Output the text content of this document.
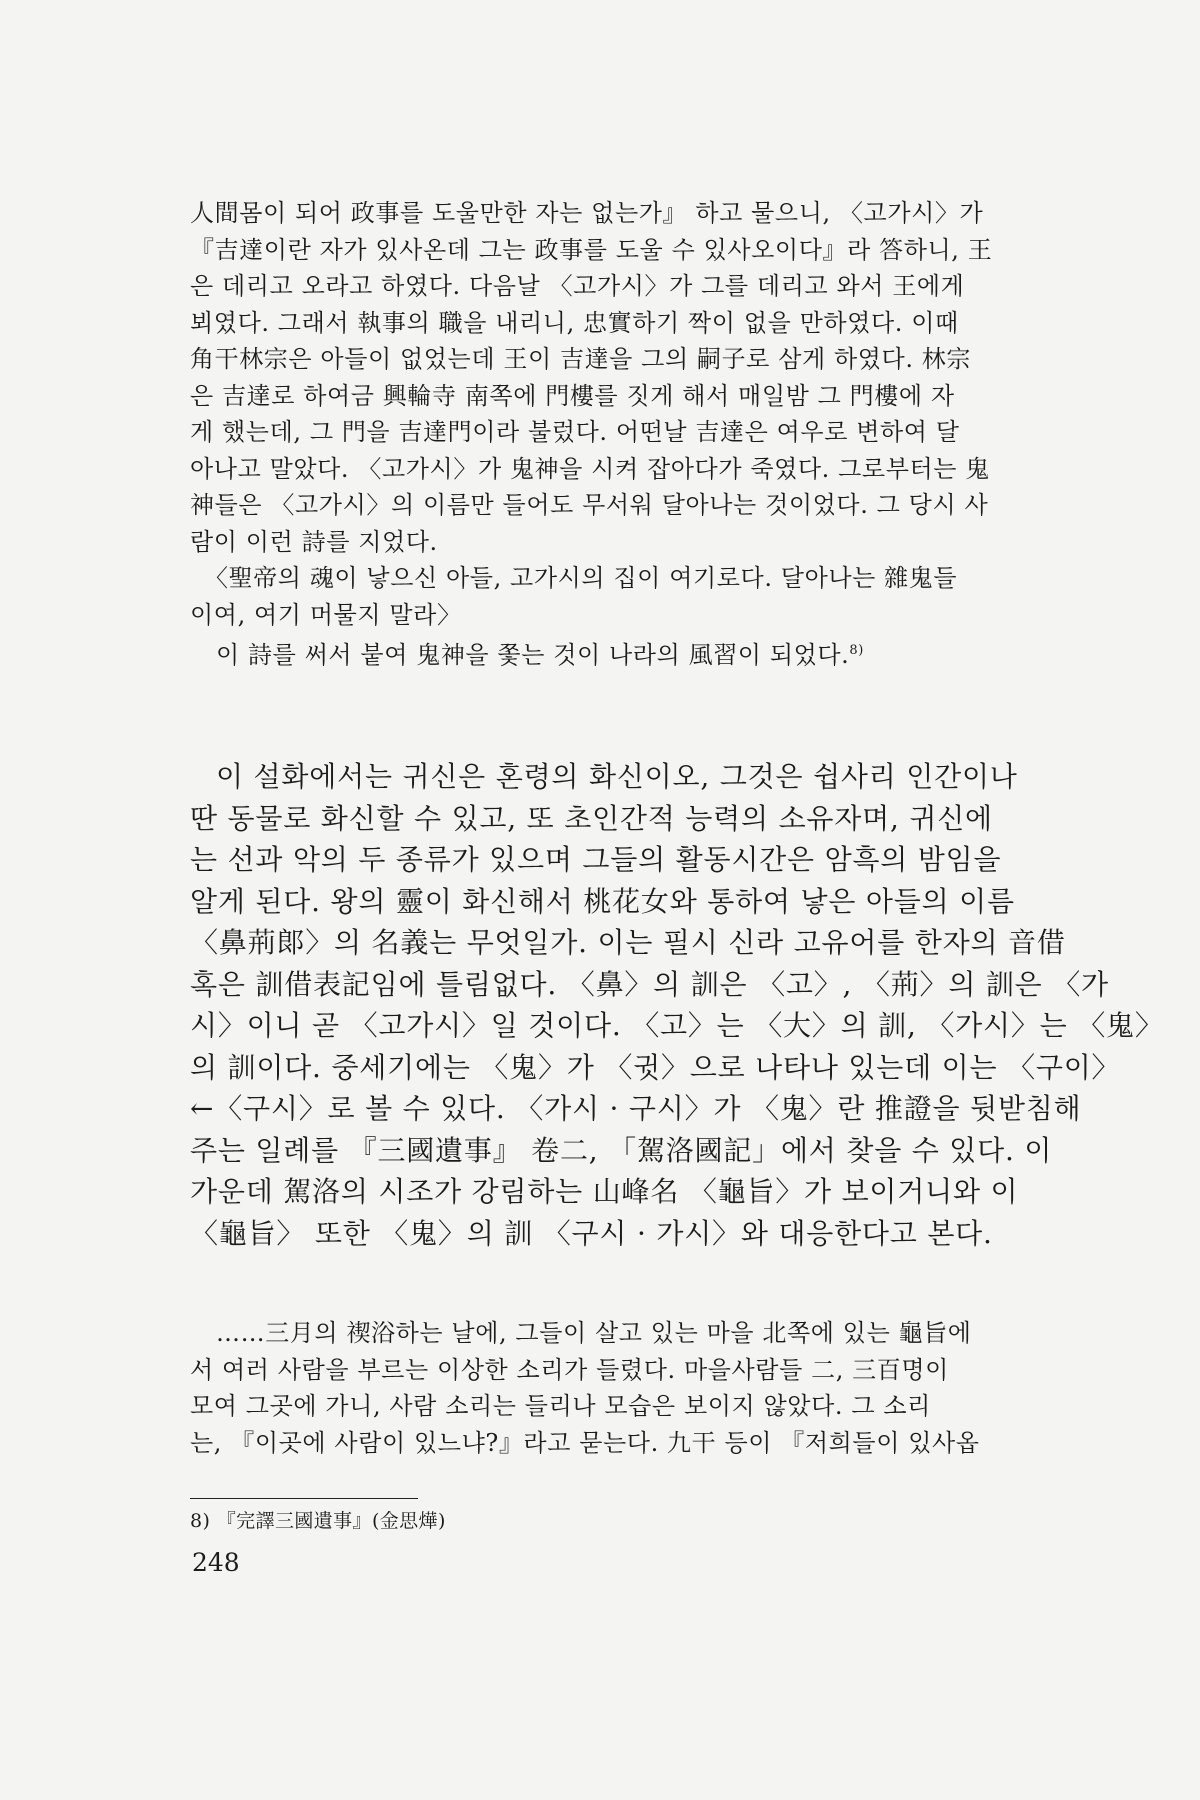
人間몸이 되어 政事를 도울만한 자는 없는가』 하고 물으니, 〈고가시〉가
『吉達이란 자가 있사온데 그는 政事를 도울 수 있사오이다』라 答하니, 王
은 데리고 오라고 하였다. 다음날 〈고가시〉가 그를 데리고 와서 王에게
뵈였다. 그래서 執事의 職을 내리니, 忠實하기 짝이 없을 만하였다. 이때
角干林宗은 아들이 없었는데 王이 吉達을 그의 嗣子로 삼게 하였다. 林宗
은 吉達로 하여금 興輪寺 南쪽에 門樓를 짓게 해서 매일밤 그 門樓에 자
게 했는데, 그 門을 吉達門이라 불렀다. 어떤날 吉達은 여우로 변하여 달
아나고 말았다. 〈고가시〉가 鬼神을 시켜 잡아다가 죽였다. 그로부터는 鬼
神들은 〈고가시〉의 이름만 들어도 무서워 달아나는 것이었다. 그 당시 사
람이 이런 詩를 지었다.
〈聖帝의 魂이 낳으신 아들, 고가시의 집이 여기로다. 달아나는 雜鬼들
이여, 여기 머물지 말라〉
이 詩를 써서 붙여 鬼神을 쫓는 것이 나라의 風習이 되었다.$^{8)}$
이 설화에서는 귀신은 혼령의 화신이오, 그것은 쉽사리 인간이나
딴 동물로 화신할 수 있고, 또 초인간적 능력의 소유자며, 귀신에
는 선과 악의 두 종류가 있으며 그들의 활동시간은 암흑의 밤임을
알게 된다. 왕의 靈이 화신해서 桃花女와 통하여 낳은 아들의 이름
〈鼻荊郞〉의 名義는 무엇일가. 이는 필시 신라 고유어를 한자의 音借
혹은 訓借表記임에 틀림없다. 〈鼻〉의 訓은 〈고〉, 〈荊〉의 訓은 〈가
시〉이니 곧 〈고가시〉일 것이다. 〈고〉는 〈大〉의 訓, 〈가시〉는 〈鬼〉
의 訓이다. 중세기에는 〈鬼〉가 〈귓〉으로 나타나 있는데 이는 〈구이〉
←〈구시〉로 볼 수 있다. 〈가시 · 구시〉가 〈鬼〉란 推證을 뒷받침해
주는 일례를 『三國遺事』 卷二, 「駕洛國記」에서 찾을 수 있다. 이
가운데 駕洛의 시조가 강림하는 山峰名 〈龜旨〉가 보이거니와 이
〈龜旨〉 또한 〈鬼〉의 訓 〈구시 · 가시〉와 대응한다고 본다.
……三月의 禊浴하는 날에, 그들이 살고 있는 마을 北쪽에 있는 龜旨에
서 여러 사람을 부르는 이상한 소리가 들렸다. 마을사람들 二, 三百명이
모여 그곳에 가니, 사람 소리는 들리나 모습은 보이지 않았다. 그 소리
는, 『이곳에 사람이 있느냐?』라고 묻는다. 九干 등이 『저희들이 있사옵
8) 『完譯三國遺事』(金思燁)
248
